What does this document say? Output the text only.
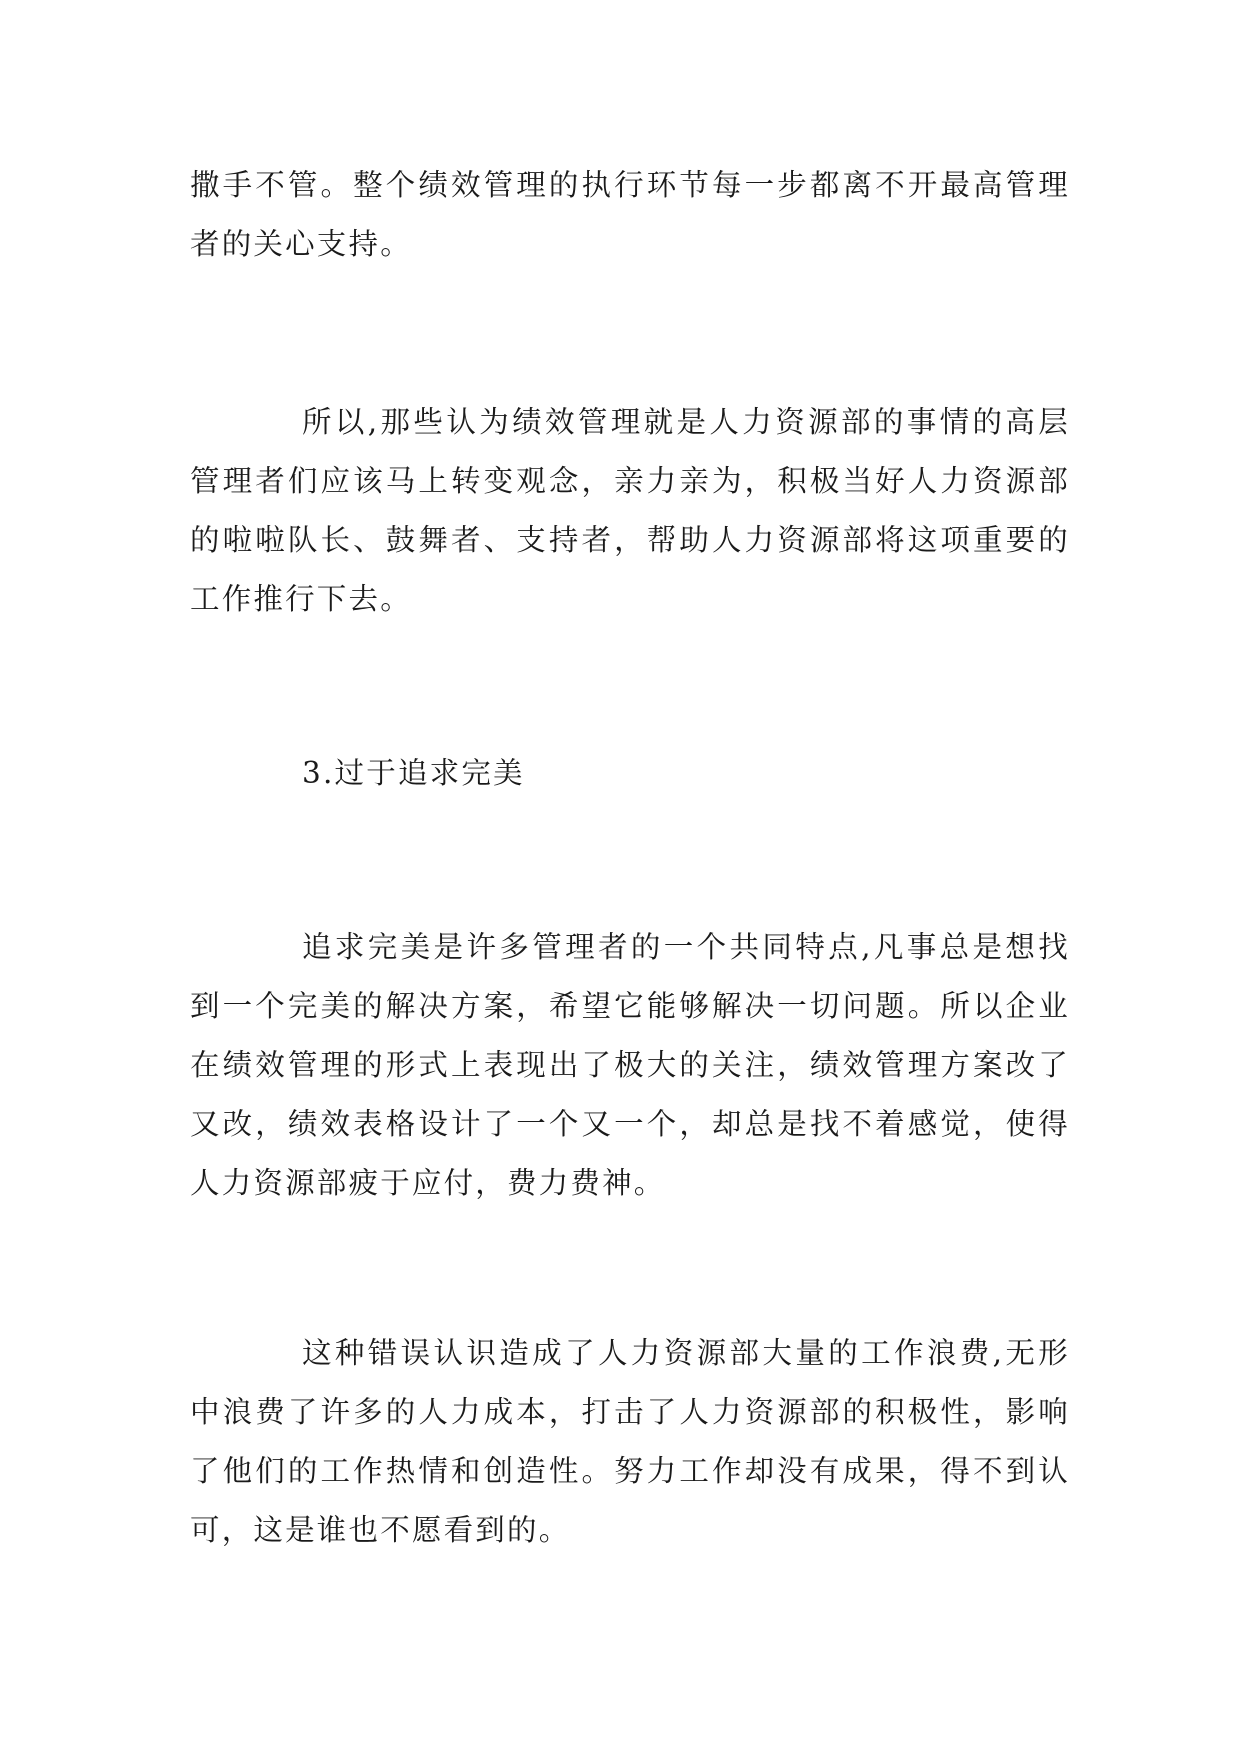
撒手不管。整个绩效管理的执行环节每一步都离不开最高管理者的关心支持。

所以,那些认为绩效管理就是人力资源部的事情的高层管理者们应该马上转变观念，亲力亲为，积极当好人力资源部的啦啦队长、鼓舞者、支持者，帮助人力资源部将这项重要的工作推行下去。

3.过于追求完美

追求完美是许多管理者的一个共同特点,凡事总是想找到一个完美的解决方案，希望它能够解决一切问题。所以企业在绩效管理的形式上表现出了极大的关注，绩效管理方案改了又改，绩效表格设计了一个又一个，却总是找不着感觉，使得人力资源部疲于应付，费力费神。

这种错误认识造成了人力资源部大量的工作浪费,无形中浪费了许多的人力成本，打击了人力资源部的积极性，影响了他们的工作热情和创造性。努力工作却没有成果，得不到认可，这是谁也不愿看到的。
